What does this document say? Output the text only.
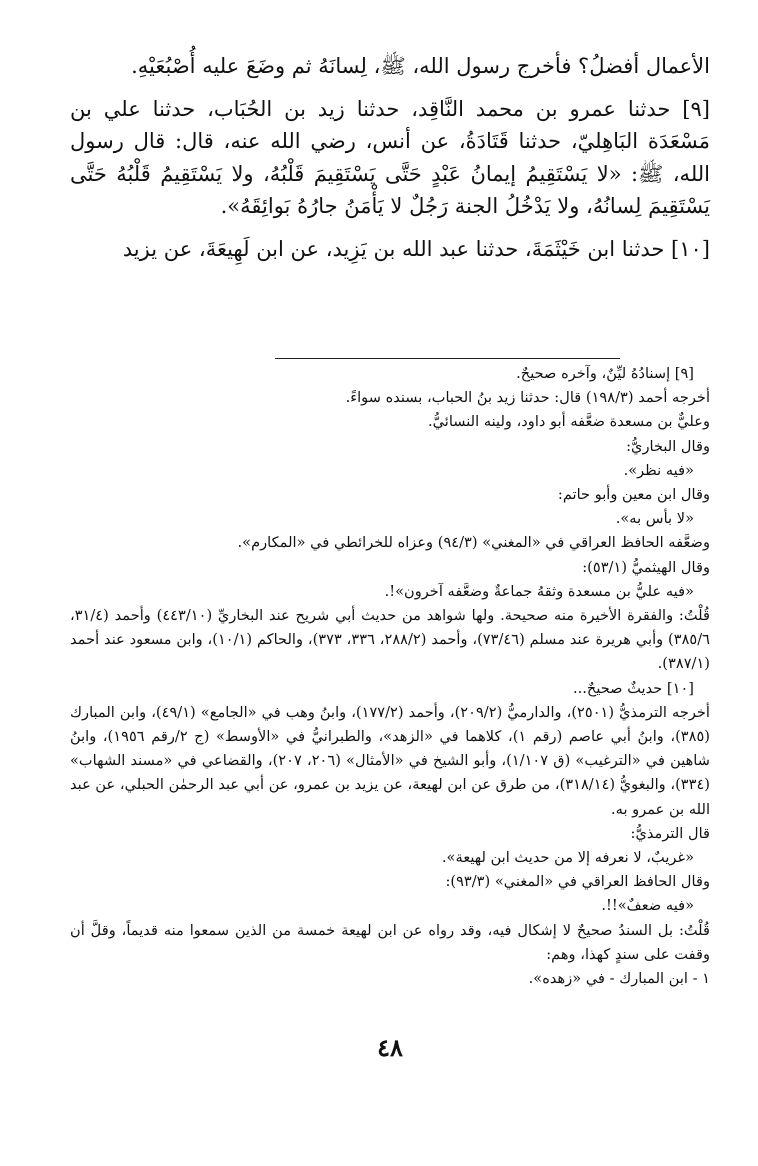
الأعمال أفضلُ؟ فأخرج رسول الله، ﷺ، لِسانَهُ ثم وضَعَ عليه أُصْبُعَيْهِ.

[٩] حدثنا عمرو بن محمد النَّاقِد، حدثنا زيد بن الحُبَاب، حدثنا علي بن مَسْعَدَة البَاهِليّ، حدثنا قَتَادَةُ، عن أنس، رضي الله عنه، قال: قال رسول الله، ﷺ: «لا يَسْتَقِيمُ إيمانُ عَبْدٍ حَتَّى يَسْتَقِيمَ قَلْبُهُ، ولا يَسْتَقِيمُ قَلْبُهُ حَتَّى يَسْتَقِيمَ لِسانُهُ، ولا يَدْخُلُ الجنة رَجُلٌ لا يَأْمَنُ جارُهُ بَوائِقَهُ».

[١٠] حدثنا ابن خَيْثَمَةَ، حدثنا عبد الله بن يَزِيد، عن ابن لَهِيعَةَ، عن يزيد

[٩] إسنادُهُ ليِّنٌ، وآخره صحيحٌ.

أخرجه أحمد (١٩٨/٣) قال: حدثنا زيد بنُ الحباب، بسنده سواءً.

وعليٌّ بن مسعدة ضعَّفه أبو داود، ولينه النسائيُّ.

وقال البخاريُّ:

«فيه نظر».

وقال ابن معين وأبو حاتم:

«لا بأس به».

وضعَّفه الحافظ العراقي في «المغني» (٩٤/٣) وعزاه للخرائطي في «المكارم».

وقال الهيثميُّ (٥٣/١):

«فيه عليُّ بن مسعدة وثقهُ جماعةٌ وضعَّفه آخرون»!.

قُلْتُ: والفقرة الأخيرة منه صحيحة. ولها شواهد من حديث أبي شريح عند البخاريِّ (٤٤٣/١٠) وأحمد (٣١/٤، ٣٨٥/٦) وأبي هريرة عند مسلم (٧٣/٤٦)، وأحمد (٢٨٨/٢، ٣٣٦، ٣٧٣)، والحاكم (١٠/١)، وابن مسعود عند أحمد (٣٨٧/١).

[١٠] حديثٌ صحيحٌ...

أخرجه الترمذيُّ (٢٥٠١)، والدارميُّ (٢٠٩/٢)، وأحمد (١٧٧/٢)، وابنُ وهب في «الجامع» (٤٩/١)، وابن المبارك (٣٨٥)، وابنُ أبي عاصم (رقم ١)، كلاهما في «الزهد»، والطبرانيُّ في «الأوسط» (ج ٢/رقم ١٩٥٦)، وابنُ شاهين في «الترغيب» (ق ١/١٠٧)، وأبو الشيخ في «الأمثال» (٢٠٦، ٢٠٧)، والقضاعي في «مسند الشهاب» (٣٣٤)، والبغويُّ (٣١٨/١٤)، من طرق عن ابن لهيعة، عن يزيد بن عمرو، عن أبي عبد الرحمٰن الحبلي، عن عبد الله بن عمرو به.

قال الترمذيُّ:

«غريبٌ، لا نعرفه إلا من حديث ابن لهيعة».

وقال الحافظ العراقي في «المغني» (٩٣/٣):

«فيه ضعفٌ»!!.

قُلْتُ: بل السندُ صحيحٌ لا إشكال فيه، وقد رواه عن ابن لهيعة خمسة من الذين سمعوا منه قديماً، وقلَّ أن وقفت على سندٍ كهذا، وهم:

١ - ابن المبارك - في «زهده».

٤٨
